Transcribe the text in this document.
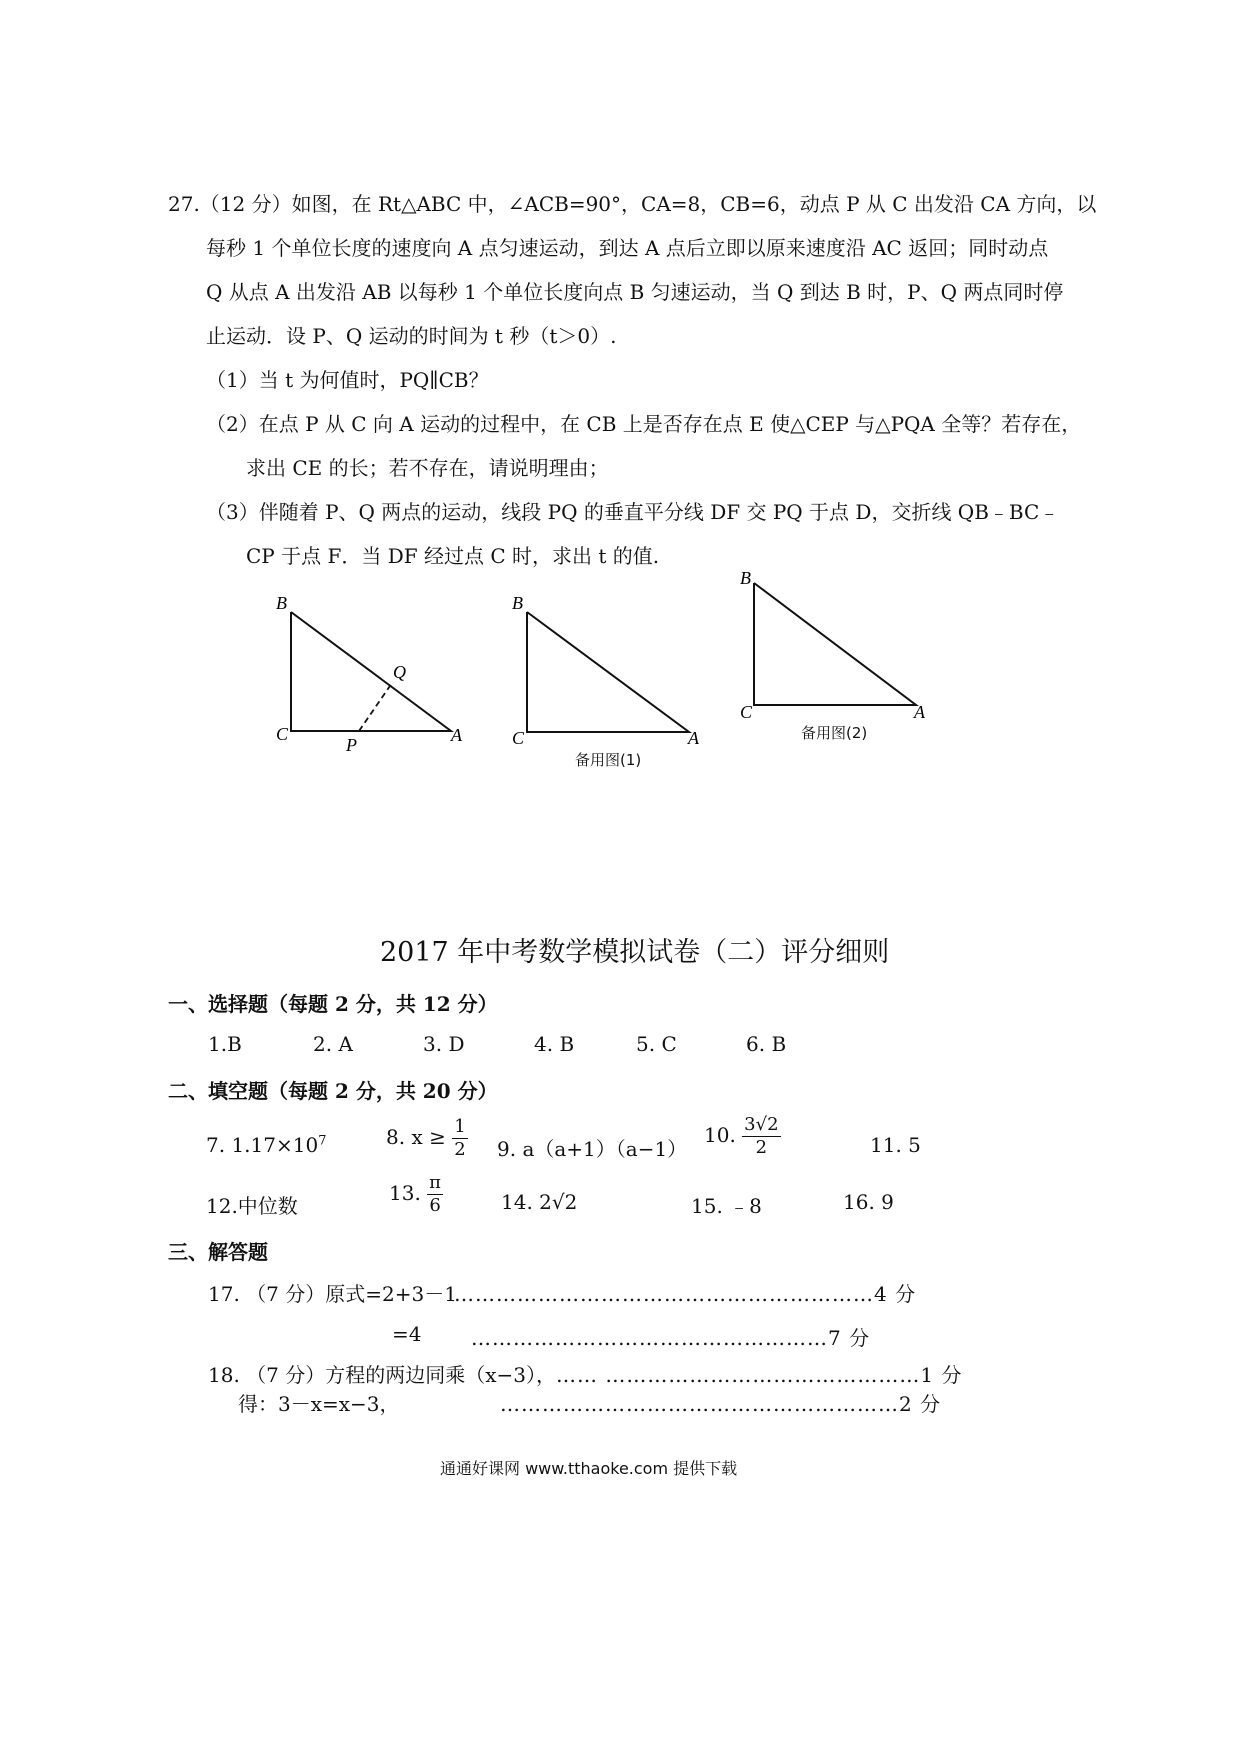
27.（12 分）如图，在 Rt△ABC 中，∠ACB=90°，CA=8，CB=6，动点 P 从 C 出发沿 CA 方向，以
每秒 1 个单位长度的速度向 A 点匀速运动，到达 A 点后立即以原来速度沿 AC 返回；同时动点
Q 从点 A 出发沿 AB 以每秒 1 个单位长度向点 B 匀速运动，当 Q 到达 B 时，P、Q 两点同时停
止运动．设 P、Q 运动的时间为 t 秒（t＞0）.
（1）当 t 为何值时，PQ∥CB？
（2）在点 P 从 C 向 A 运动的过程中，在 CB 上是否存在点 E 使△CEP 与△PQA 全等？若存在，
求出 CE 的长；若不存在，请说明理由；
（3）伴随着 P、Q 两点的运动，线段 PQ 的垂直平分线 DF 交 PQ 于点 D，交折线 QB﹣BC﹣
CP 于点 F．当 DF 经过点 C 时，求出 t 的值.
B
C	A
P
Q
B
C	A
B
C	A
备用图(1)
备用图(2)
2017 年中考数学模拟试卷（二）评分细则
一、选择题（每题 2 分，共 12 分）
1.B	2. A	3. D	4. B	5. C	6. B
二、填空题（每题 2 分，共 20 分）
7. $1.17\times 10^7$	8. $x \ge \frac{1}{2} 9$. a（a+1）（a−1）
10. $\frac{3√2}{2}$	11. 5
12.中位数
13. $\frac{\pi}{6}$	14. 2√2	15. ﹣8	16. 9
三、解答题
17. （7 分）原式=2+3－1
……………………………………………………4 分
=4 ……………………………………………7 分
18. （7 分）方程的两边同乘（x−3）， …… ………………………………………1 分
得：3－x=x−3，	…………………………………………………2 分
通通好课网 www.tthaoke.com 提供下载
